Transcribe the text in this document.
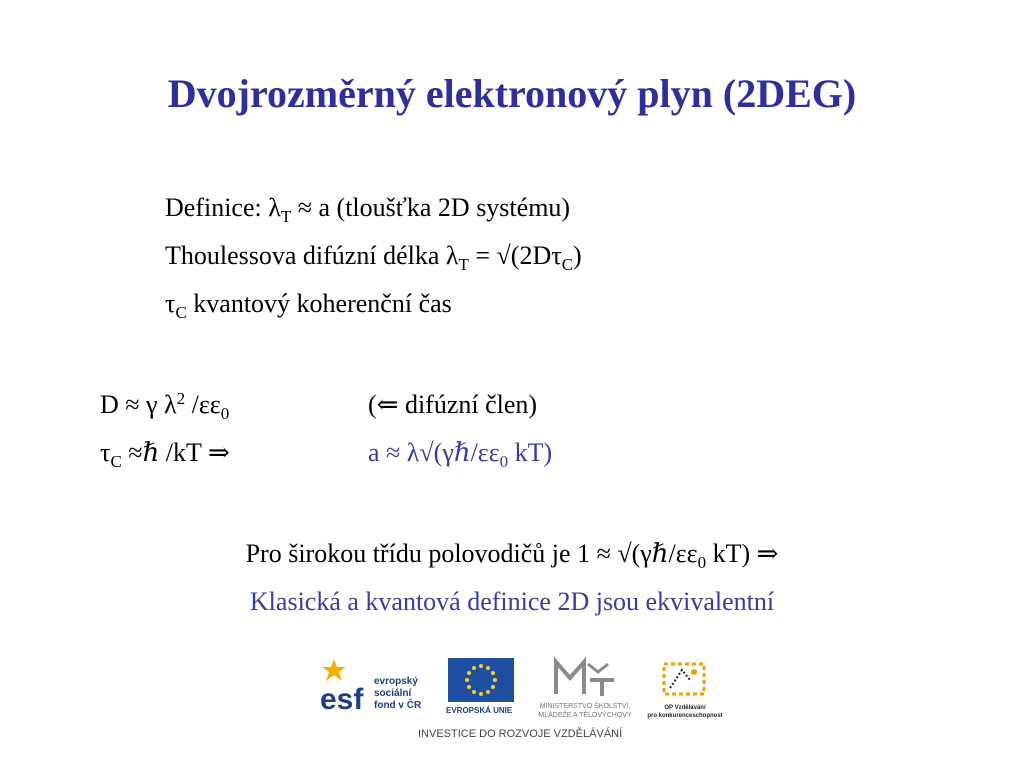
Dvojrozměrný elektronový plyn (2DEG)
Definice: $\lambda_T \approx a$ (tloušťka 2D systému)
Thoulessova difúzní délka $\lambda_T = √(2D\tau_C)$
$\tau_C$ kvantový koherenční čas
D ≈ γ $\lambda^2$ $/\varepsilon\varepsilon_0$	(⇐ difúzní člen)
$\tau_C$ ≈ℏ /kT ⇒	$a \approx \lambda√(\gamma\hbar/\varepsilon\varepsilon_0$ kT)
Pro širokou třídu polovodičů je $1 \approx √(\gamma\hbar/\varepsilon\varepsilon_0$ kT) ⇒
Klasická a kvantová definice 2D jsou ekvivalentní
esf
evropský
sociální
fond v ČR	EVROPSKÁ UNIE	MINISTERSTVO ŠKOLSTVÍ,
MLÁDEŽE A TĚLOVÝCHOVY
OP Vzdělávání
pro konkurenceschopnost
INVESTICE DO ROZVOJE VZDĚLÁVÁNÍ
